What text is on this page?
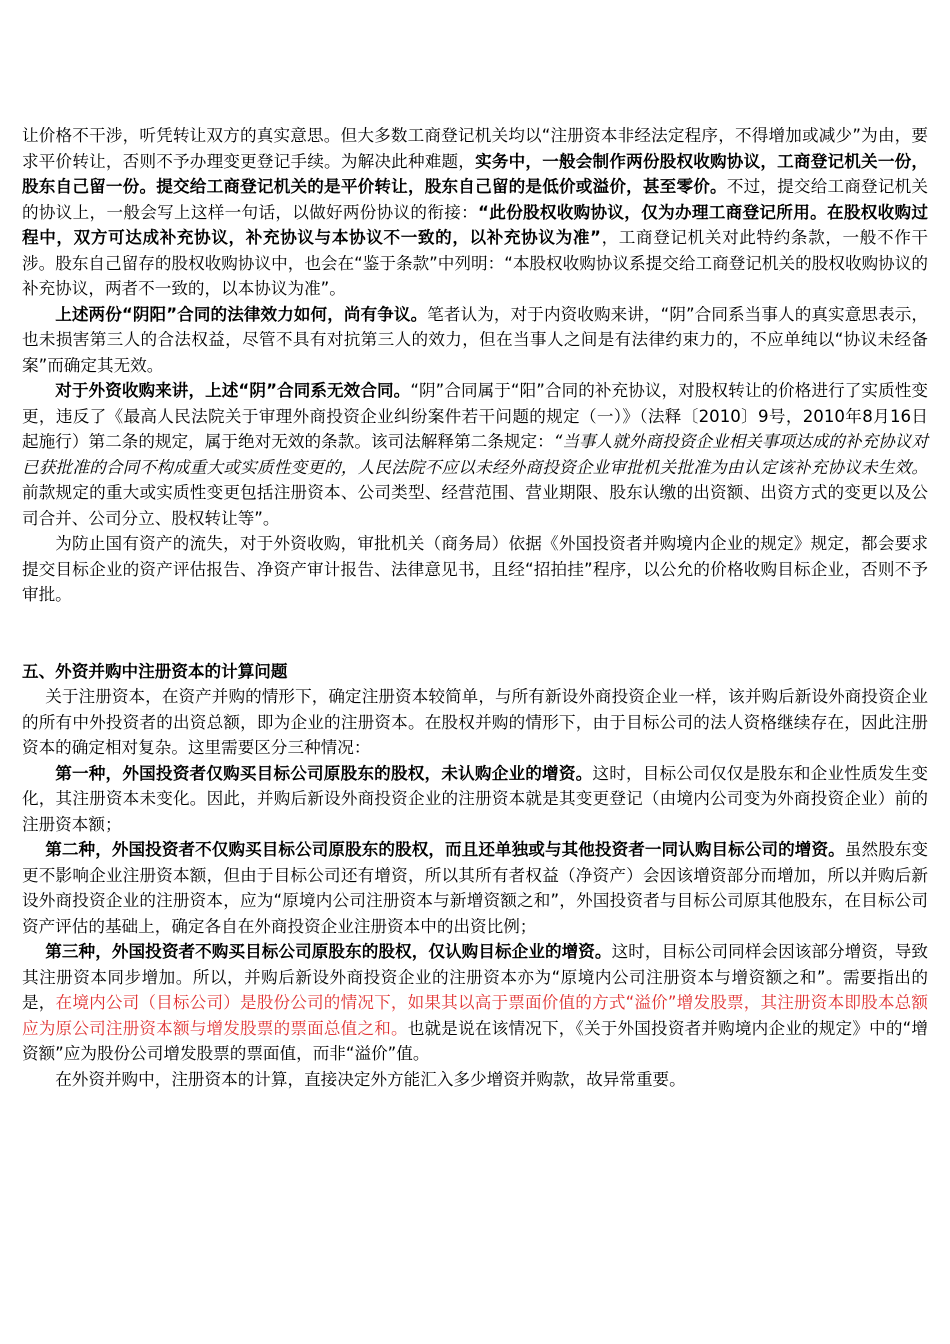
让价格不干涉，听凭转让双方的真实意思。但大多数工商登记机关均以“注册资本非经法定程序，不得增加或减少”为由，要求平价转让，否则不予办理变更登记手续。为解决此种难题，实务中，一般会制作两份股权收购协议，工商登记机关一份，股东自己留一份。提交给工商登记机关的是平价转让，股东自己留的是低价或溢价，甚至零价。不过，提交给工商登记机关的协议上，一般会写上这样一句话，以做好两份协议的衔接：“此份股权收购协议，仅为办理工商登记所用。在股权收购过程中，双方可达成补充协议，补充协议与本协议不一致的，以补充协议为准”，工商登记机关对此特约条款，一般不作干涉。股东自己留存的股权收购协议中，也会在“鉴于条款”中列明：“本股权收购协议系提交给工商登记机关的股权收购协议的补充协议，两者不一致的，以本协议为准”。

上述两份“阴阳”合同的法律效力如何，尚有争议。笔者认为，对于内资收购来讲，“阴”合同系当事人的真实意思表示，也未损害第三人的合法权益，尽管不具有对抗第三人的效力，但在当事人之间是有法律约束力的，不应单纯以“协议未经备案”而确定其无效。

对于外资收购来讲，上述“阴”合同系无效合同。“阴”合同属于“阳”合同的补充协议，对股权转让的价格进行了实质性变更，违反了《最高人民法院关于审理外商投资企业纠纷案件若干问题的规定（一）》（法释〔2010〕9号，2010年8月16日起施行）第二条的规定，属于绝对无效的条款。该司法解释第二条规定：“当事人就外商投资企业相关事项达成的补充协议对已获批准的合同不构成重大或实质性变更的，人民法院不应以未经外商投资企业审批机关批准为由认定该补充协议未生效。前款规定的重大或实质性变更包括注册资本、公司类型、经营范围、营业期限、股东认缴的出资额、出资方式的变更以及公司合并、公司分立、股权转让等”。

为防止国有资产的流失，对于外资收购，审批机关（商务局）依据《外国投资者并购境内企业的规定》规定，都会要求提交目标企业的资产评估报告、净资产审计报告、法律意见书，且经“招拍挂”程序，以公允的价格收购目标企业，否则不予审批。

五、外资并购中注册资本的计算问题

关于注册资本，在资产并购的情形下，确定注册资本较简单，与所有新设外商投资企业一样，该并购后新设外商投资企业的所有中外投资者的出资总额，即为企业的注册资本。在股权并购的情形下，由于目标公司的法人资格继续存在，因此注册资本的确定相对复杂。这里需要区分三种情况：

第一种，外国投资者仅购买目标公司原股东的股权，未认购企业的增资。这时，目标公司仅仅是股东和企业性质发生变化，其注册资本未变化。因此，并购后新设外商投资企业的注册资本就是其变更登记（由境内公司变为外商投资企业）前的注册资本额；

第二种，外国投资者不仅购买目标公司原股东的股权，而且还单独或与其他投资者一同认购目标公司的增资。虽然股东变更不影响企业注册资本额，但由于目标公司还有增资，所以其所有者权益（净资产）会因该增资部分而增加，所以并购后新设外商投资企业的注册资本，应为“原境内公司注册资本与新增资额之和”，外国投资者与目标公司原其他股东，在目标公司资产评估的基础上，确定各自在外商投资企业注册资本中的出资比例；

第三种，外国投资者不购买目标公司原股东的股权，仅认购目标企业的增资。这时，目标公司同样会因该部分增资，导致其注册资本同步增加。所以，并购后新设外商投资企业的注册资本亦为“原境内公司注册资本与增资额之和”。需要指出的是，在境内公司（目标公司）是股份公司的情况下，如果其以高于票面价值的方式“溢价”增发股票，其注册资本即股本总额应为原公司注册资本额与增发股票的票面总值之和。也就是说在该情况下，《关于外国投资者并购境内企业的规定》中的“增资额”应为股份公司增发股票的票面值，而非“溢价”值。

在外资并购中，注册资本的计算，直接决定外方能汇入多少增资并购款，故异常重要。
